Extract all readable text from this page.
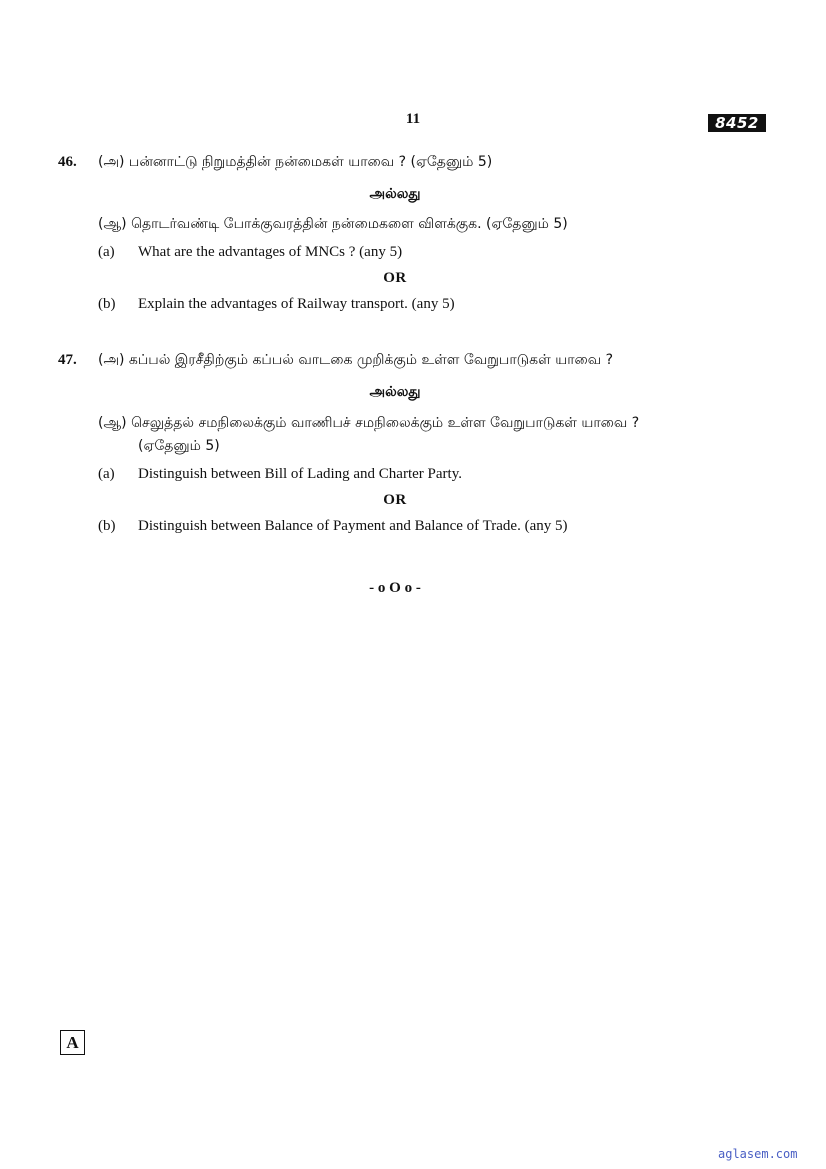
11	8452
46. (அ) பன்னாட்டு நிறுமத்தின் நன்மைகள் யாவை ? (ஏதேனும் 5)
அல்லது
(ஆ) தொடர்வண்டி போக்குவரத்தின் நன்மைகளை விளக்குக. (ஏதேனும் 5)
(a) What are the advantages of MNCs ? (any 5)
OR
(b) Explain the advantages of Railway transport. (any 5)
47. (அ) கப்பல் இரசீதிற்கும் கப்பல் வாடகை முறிக்கும் உள்ள வேறுபாடுகள் யாவை ?
அல்லது
(ஆ) செலுத்தல் சமநிலைக்கும் வாணிபச் சமநிலைக்கும் உள்ள வேறுபாடுகள் யாவை ?
(ஏதேனும் 5)
(a) Distinguish between Bill of Lading and Charter Party.
OR
(b) Distinguish between Balance of Payment and Balance of Trade. (any 5)
- o O o -
A
aglasem.com
